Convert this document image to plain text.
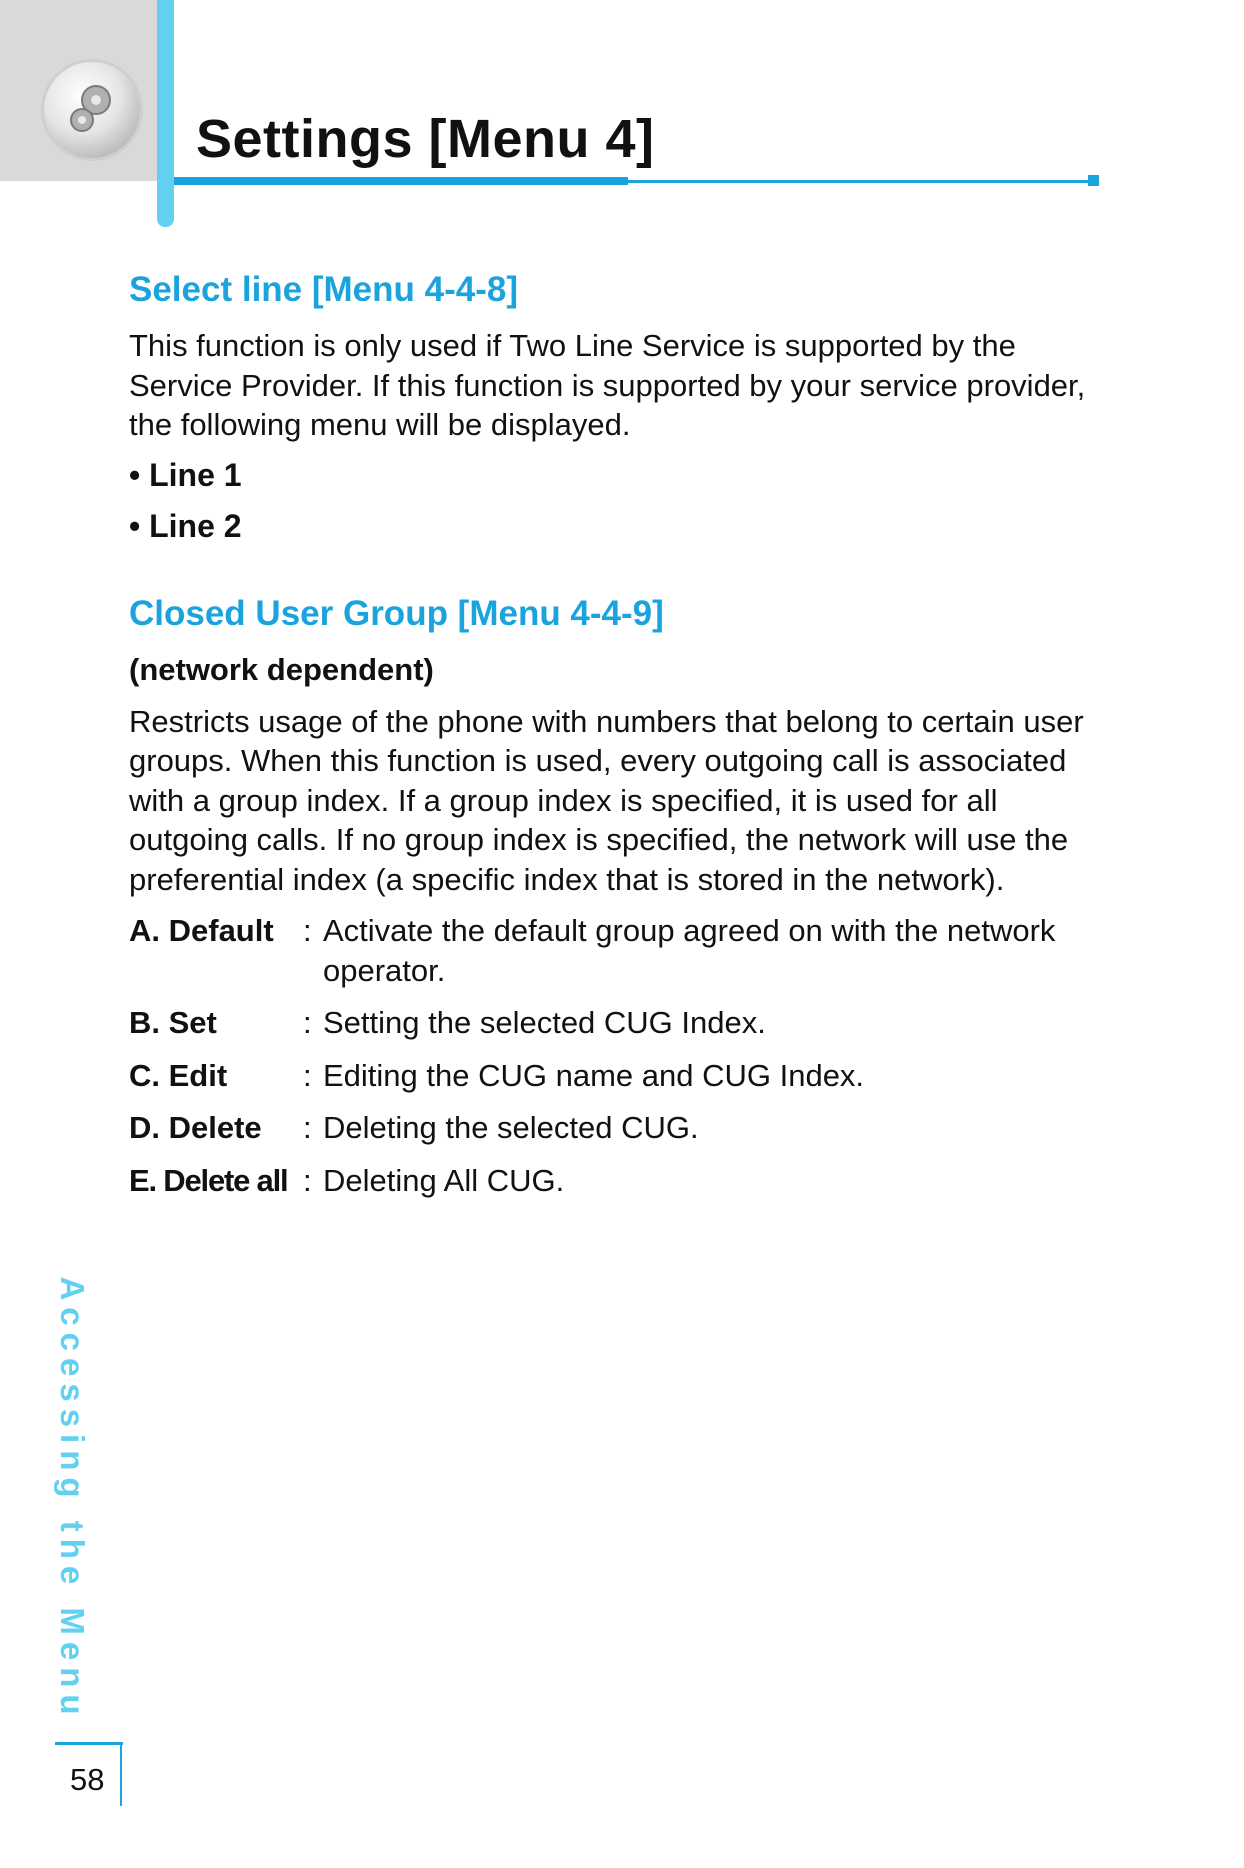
Settings [Menu 4]
Select line [Menu 4-4-8]

This function is only used if Two Line Service is supported by the Service Provider. If this function is supported by your service provider, the following menu will be displayed.

• Line 1

• Line 2

Closed User Group [Menu 4-4-9]

(network dependent)

Restricts usage of the phone with numbers that belong to certain user groups. When this function is used, every outgoing call is associated with a group index. If a group index is specified, it is used for all outgoing calls. If no group index is specified, the network will use the preferential index (a specific index that is stored in the network).

A. Default : Activate the default group agreed on with the network operator.
B. Set	: Setting the selected CUG Index.
C. Edit	: Editing the CUG name and CUG Index.
D. Delete	: Deleting the selected CUG.
E. Delete all : Deleting All CUG.
Accessing the Menu
58
